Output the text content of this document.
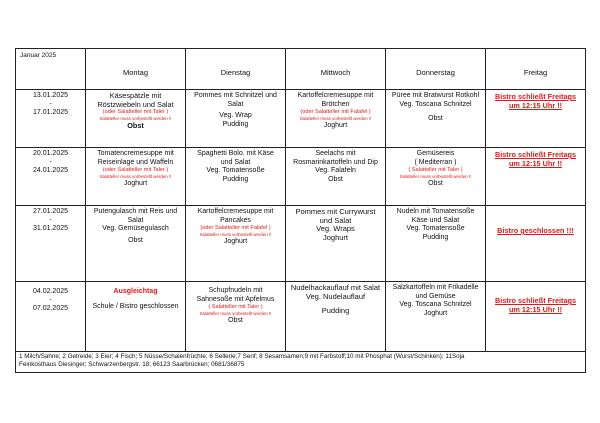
Januar 2025	Montag	Dienstag	Mittwoch	Donnerstag	Freitag

13.01.2025
-
17.01.2025	Käsespätzle mit
Röstzwiebeln und Salat
(oder Salatteller mit Taler )
Salatteller muss vorbestellt werden !!
Obst	Pommes mit Schnitzel und
Salat
Veg. Wrap
Pudding	Kartoffelcremesuppe mit
Brötchen
(oder Salatteller mit Falafel )
Salatteller muss vorbestellt werden !!
Joghurt	Püree mit Bratwurst Rotkohl
Veg. Toscana Schnitzel
Obst	Bistro schließt Freitags
um 12:15 Uhr !!

20.01.2025
-
24.01.2025	Tomatencremesuppe mit
Reiseinlage und Waffeln
(oder Salatteller mit Taler )
Salatteller muss vorbestellt werden !!
Joghurt	Spaghetti Bolo. mit Käse
und Salat
Veg. Tomatensoße
Pudding	Seelachs mit
Rosmarinkartoffeln und Dip
Veg. Falafeln
Obst	Gemüsereis
( Mediterran )
( Salatteller mit Taler )
Salatteller muss vorbestellt werden !!
Obst	Bistro schließt Freitags
um 12:15 Uhr !!

27.01.2025
-
31.01.2025	Putengulasch mit Reis und
Salat
Veg. Gemüsegulasch
Obst	Kartoffelcremesuppe mit
Pancakes
(oder Salatteller mit Falafel )
Salatteller muss vorbestellt werden !!
Joghurt	Pommes mit Currywurst
und Salat
Veg. Wraps
Joghurt	Nudeln mit Tomatensoße
Käse und Salat
Veg. Tomatensoße
Pudding	Bistro geschlossen !!!

04.02.2025
-
07.02.2025	Ausgleichtag
Schule / Bistro geschlossen	Schupfnudeln mit
Sahnesoße mit Apfelmus
( Salatteller mit Taler )
Salatteller muss vorbestellt werden !!
Obst	Nudelhackauflauf mit Salat
Veg. Nudelauflauf
Pudding	Salzkartoffeln mit Frikadelle
und Gemüse
Veg. Toscana Schnitzel
Joghurt	Bistro schließt Freitags
um 12:15 Uhr !!

1 Milch/Sahne; 2 Getreide; 3 Eier; 4 Fisch; 5 Nüsse/Schalenfrüchte; 6 Sellerie;7 Senf; 8 Sesamsamen;9 mit Farbstoff;10 mit Phosphat (Wurst/Schinken); 11Soja
Feinkosthaus Diesinger; Schwarzenbergstr. 18; 66123 Saarbrücken; 0681/36875					
